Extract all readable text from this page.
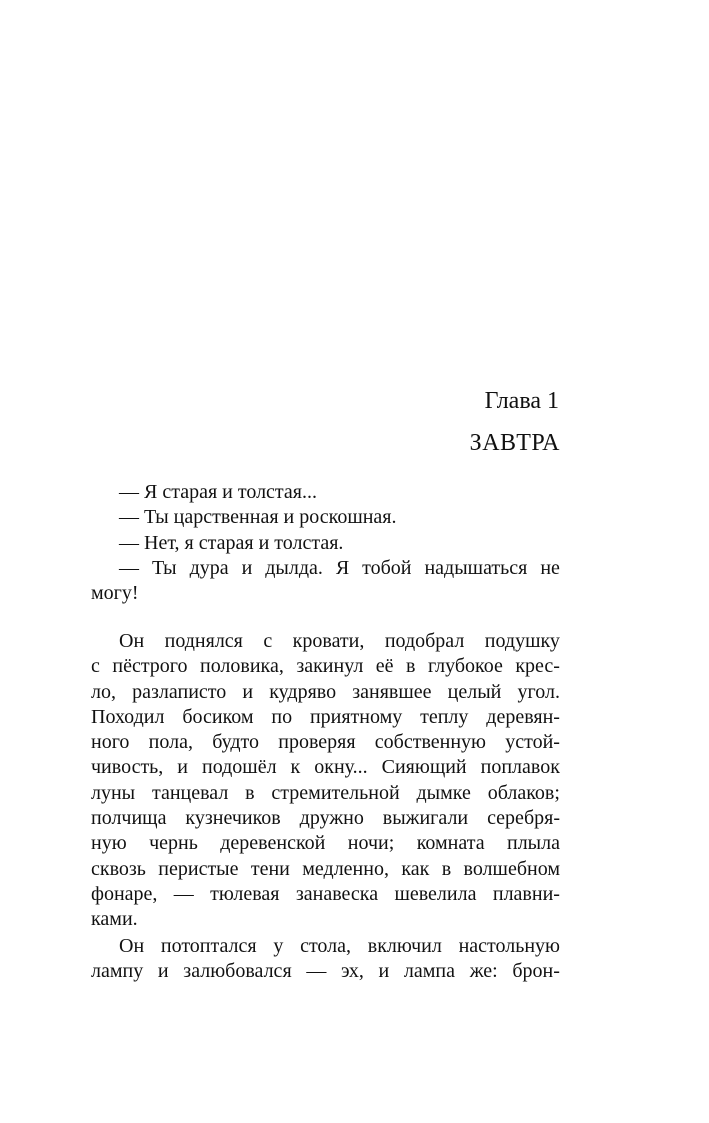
Глава 1
ЗАВТРА
— Я старая и толстая...
— Ты царственная и роскошная.
— Нет, я старая и толстая.
— Ты дура и дылда. Я тобой надышаться не
могу!
Он поднялся с кровати, подобрал подушку
с пёстрого половика, закинул её в глубокое крес-
ло, разлаписто и кудряво занявшее целый угол.
Походил босиком по приятному теплу деревян-
ного пола, будто проверяя собственную устой-
чивость, и подошёл к окну... Сияющий поплавок
луны танцевал в стремительной дымке облаков;
полчища кузнечиков дружно выжигали серебря-
ную чернь деревенской ночи; комната плыла
сквозь перистые тени медленно, как в волшебном
фонаре, — тюлевая занавеска шевелила плавни-
ками.
Он потоптался у стола, включил настольную
лампу и залюбовался — эх, и лампа же: брон-
